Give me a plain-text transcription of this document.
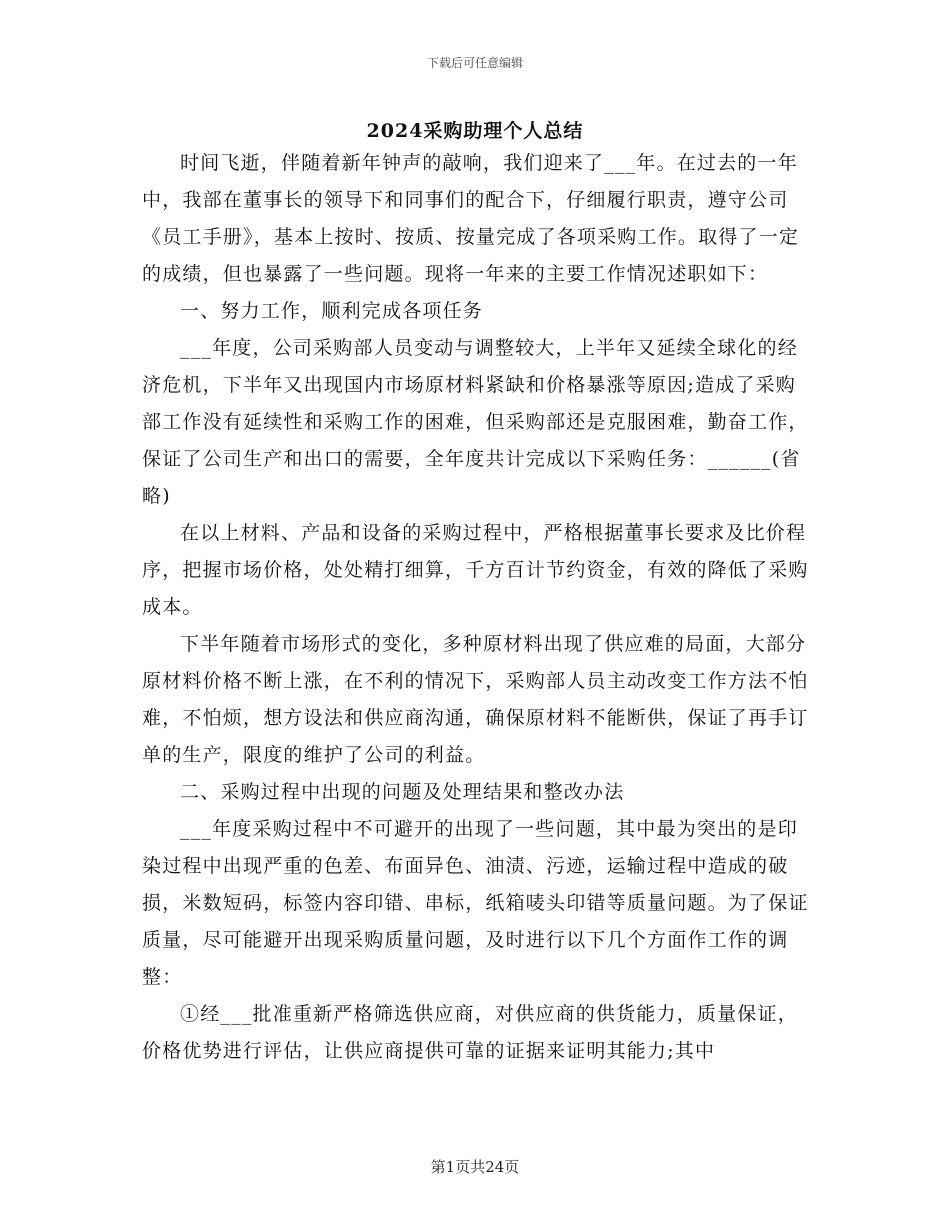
下载后可任意编辑
2024采购助理个人总结

时间飞逝，伴随着新年钟声的敲响，我们迎来了___年。在过去的一年中，我部在董事长的领导下和同事们的配合下，仔细履行职责，遵守公司《员工手册》，基本上按时、按质、按量完成了各项采购工作。取得了一定的成绩，但也暴露了一些问题。现将一年来的主要工作情况述职如下：

一、努力工作，顺利完成各项任务

___年度，公司采购部人员变动与调整较大，上半年又延续全球化的经济危机，下半年又出现国内市场原材料紧缺和价格暴涨等原因;造成了采购部工作没有延续性和采购工作的困难，但采购部还是克服困难，勤奋工作，保证了公司生产和出口的需要，全年度共计完成以下采购任务：______(省略)

在以上材料、产品和设备的采购过程中，严格根据董事长要求及比价程序，把握市场价格，处处精打细算，千方百计节约资金，有效的降低了采购成本。

下半年随着市场形式的变化，多种原材料出现了供应难的局面，大部分原材料价格不断上涨，在不利的情况下，采购部人员主动改变工作方法不怕难，不怕烦，想方设法和供应商沟通，确保原材料不能断供，保证了再手订单的生产，限度的维护了公司的利益。

二、采购过程中出现的问题及处理结果和整改办法

___年度采购过程中不可避开的出现了一些问题，其中最为突出的是印染过程中出现严重的色差、布面异色、油渍、污迹，运输过程中造成的破损，米数短码，标签内容印错、串标，纸箱唛头印错等质量问题。为了保证质量，尽可能避开出现采购质量问题，及时进行以下几个方面作工作的调整：

①经___批准重新严格筛选供应商，对供应商的供货能力，质量保证，价格优势进行评估，让供应商提供可靠的证据来证明其能力;其中

第1页共24页
